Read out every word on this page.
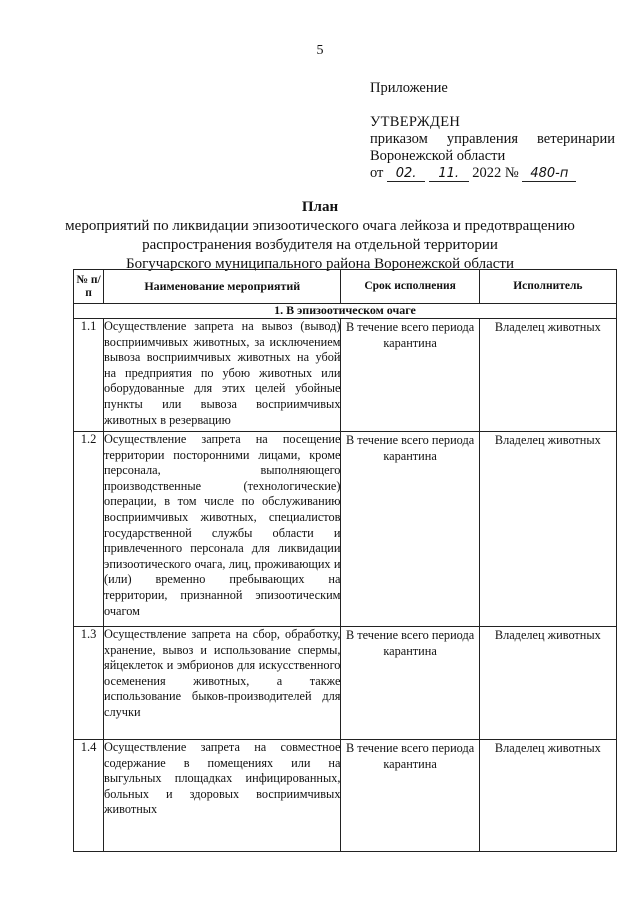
5
Приложение
УТВЕРЖДЕН
приказом управления ветеринарии
Воронежской области
от 02. 11. 2022 № 480-п
План
мероприятий по ликвидации эпизоотического очага лейкоза и предотвращению
распространения возбудителя на отдельной территории
Богучарского муниципального района Воронежской области
№ п/п	Наименование мероприятий	Срок исполнения	Исполнитель
1. В эпизоотическом очаге			
1.1	Осуществление запрета на вывоз (вывод) восприимчивых животных, за исключением вывоза восприимчивых животных на убой на предприятия по убою животных или оборудованные для этих целей убойные пункты или вывоза восприимчивых животных в резервацию	В течение всего периода карантина	Владелец животных
1.2	Осуществление запрета на посещение территории посторонними лицами, кроме персонала, выполняющего производственные (технологические) операции, в том числе по обслуживанию восприимчивых животных, специалистов государственной службы области и привлеченного персонала для ликвидации эпизоотического очага, лиц, проживающих и (или) временно пребывающих на территории, признанной эпизоотическим очагом	В течение всего периода карантина	Владелец животных
1.3	Осуществление запрета на сбор, обработку, хранение, вывоз и использование спермы, яйцеклеток и эмбрионов для искусственного осеменения животных, а также использование быков-производителей для случки	В течение всего периода карантина	Владелец животных
1.4	Осуществление запрета на совместное содержание в помещениях или на выгульных площадках инфицированных, больных и здоровых восприимчивых животных	В течение всего периода карантина	Владелец животных
